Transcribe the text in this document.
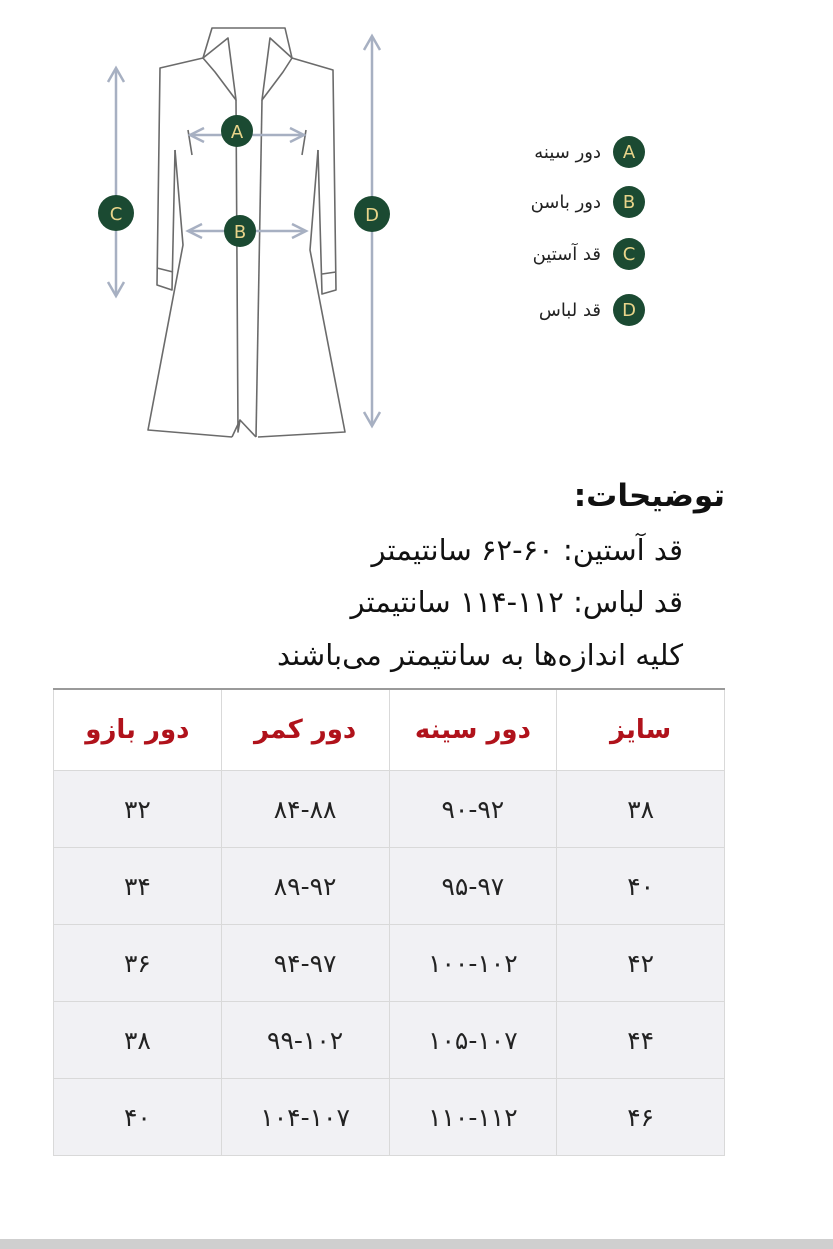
A
B
C	D
A
دور سینه
B
دور باسن
C
قد آستین
D
قد لباس
توضیحات:
قد آستین: ۶۰-۶۲ سانتیمتر
قد لباس: ۱۱۲-۱۱۴ سانتیمتر
کلیه اندازه‌ها به سانتیمتر می‌باشند
سایز	دور سینه	دور کمر	دور بازو
۳۸	۹۰-۹۲	۸۴-۸۸	۳۲
۴۰	۹۵-۹۷	۸۹-۹۲	۳۴
۴۲	۱۰۰-۱۰۲	۹۴-۹۷	۳۶
۴۴	۱۰۵-۱۰۷	۹۹-۱۰۲	۳۸
۴۶	۱۱۰-۱۱۲	۱۰۴-۱۰۷	۴۰
